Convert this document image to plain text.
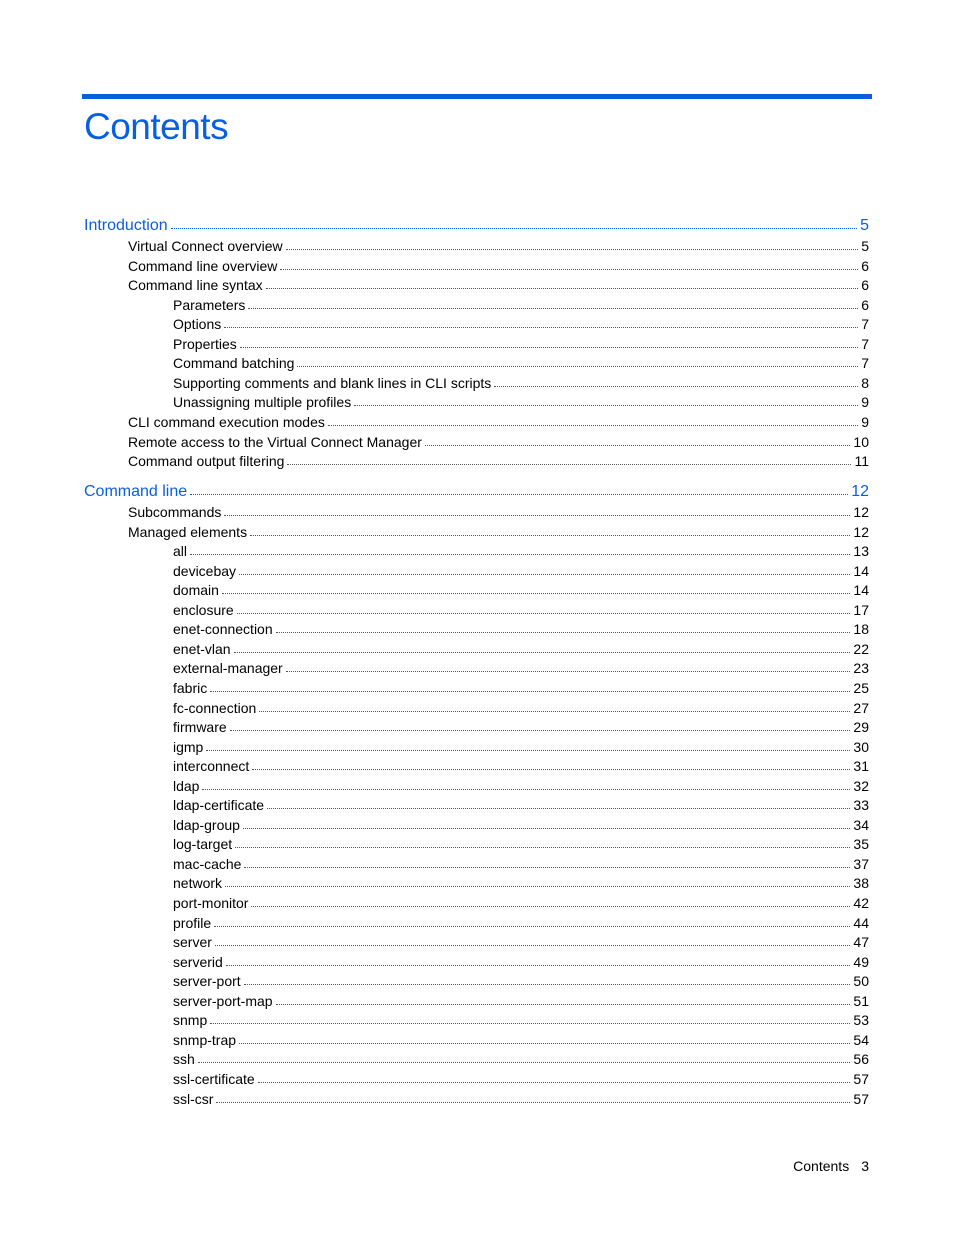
Contents
Introduction	5
Virtual Connect overview	5
Command line overview	6
Command line syntax	6
Parameters	6
Options	7
Properties	7
Command batching	7
Supporting comments and blank lines in CLI scripts	8
Unassigning multiple profiles	9
CLI command execution modes	9
Remote access to the Virtual Connect Manager	10
Command output filtering	11
Command line	12
Subcommands	12
Managed elements	12
all	13
devicebay	14
domain	14
enclosure	17
enet-connection	18
enet-vlan	22
external-manager	23
fabric	25
fc-connection	27
firmware	29
igmp	30
interconnect	31
ldap	32
ldap-certificate	33
ldap-group	34
log-target	35
mac-cache	37
network	38
port-monitor	42
profile	44
server	47
serverid	49
server-port	50
server-port-map	51
snmp	53
snmp-trap	54
ssh	56
ssl-certificate	57
ssl-csr	57
Contents 3
